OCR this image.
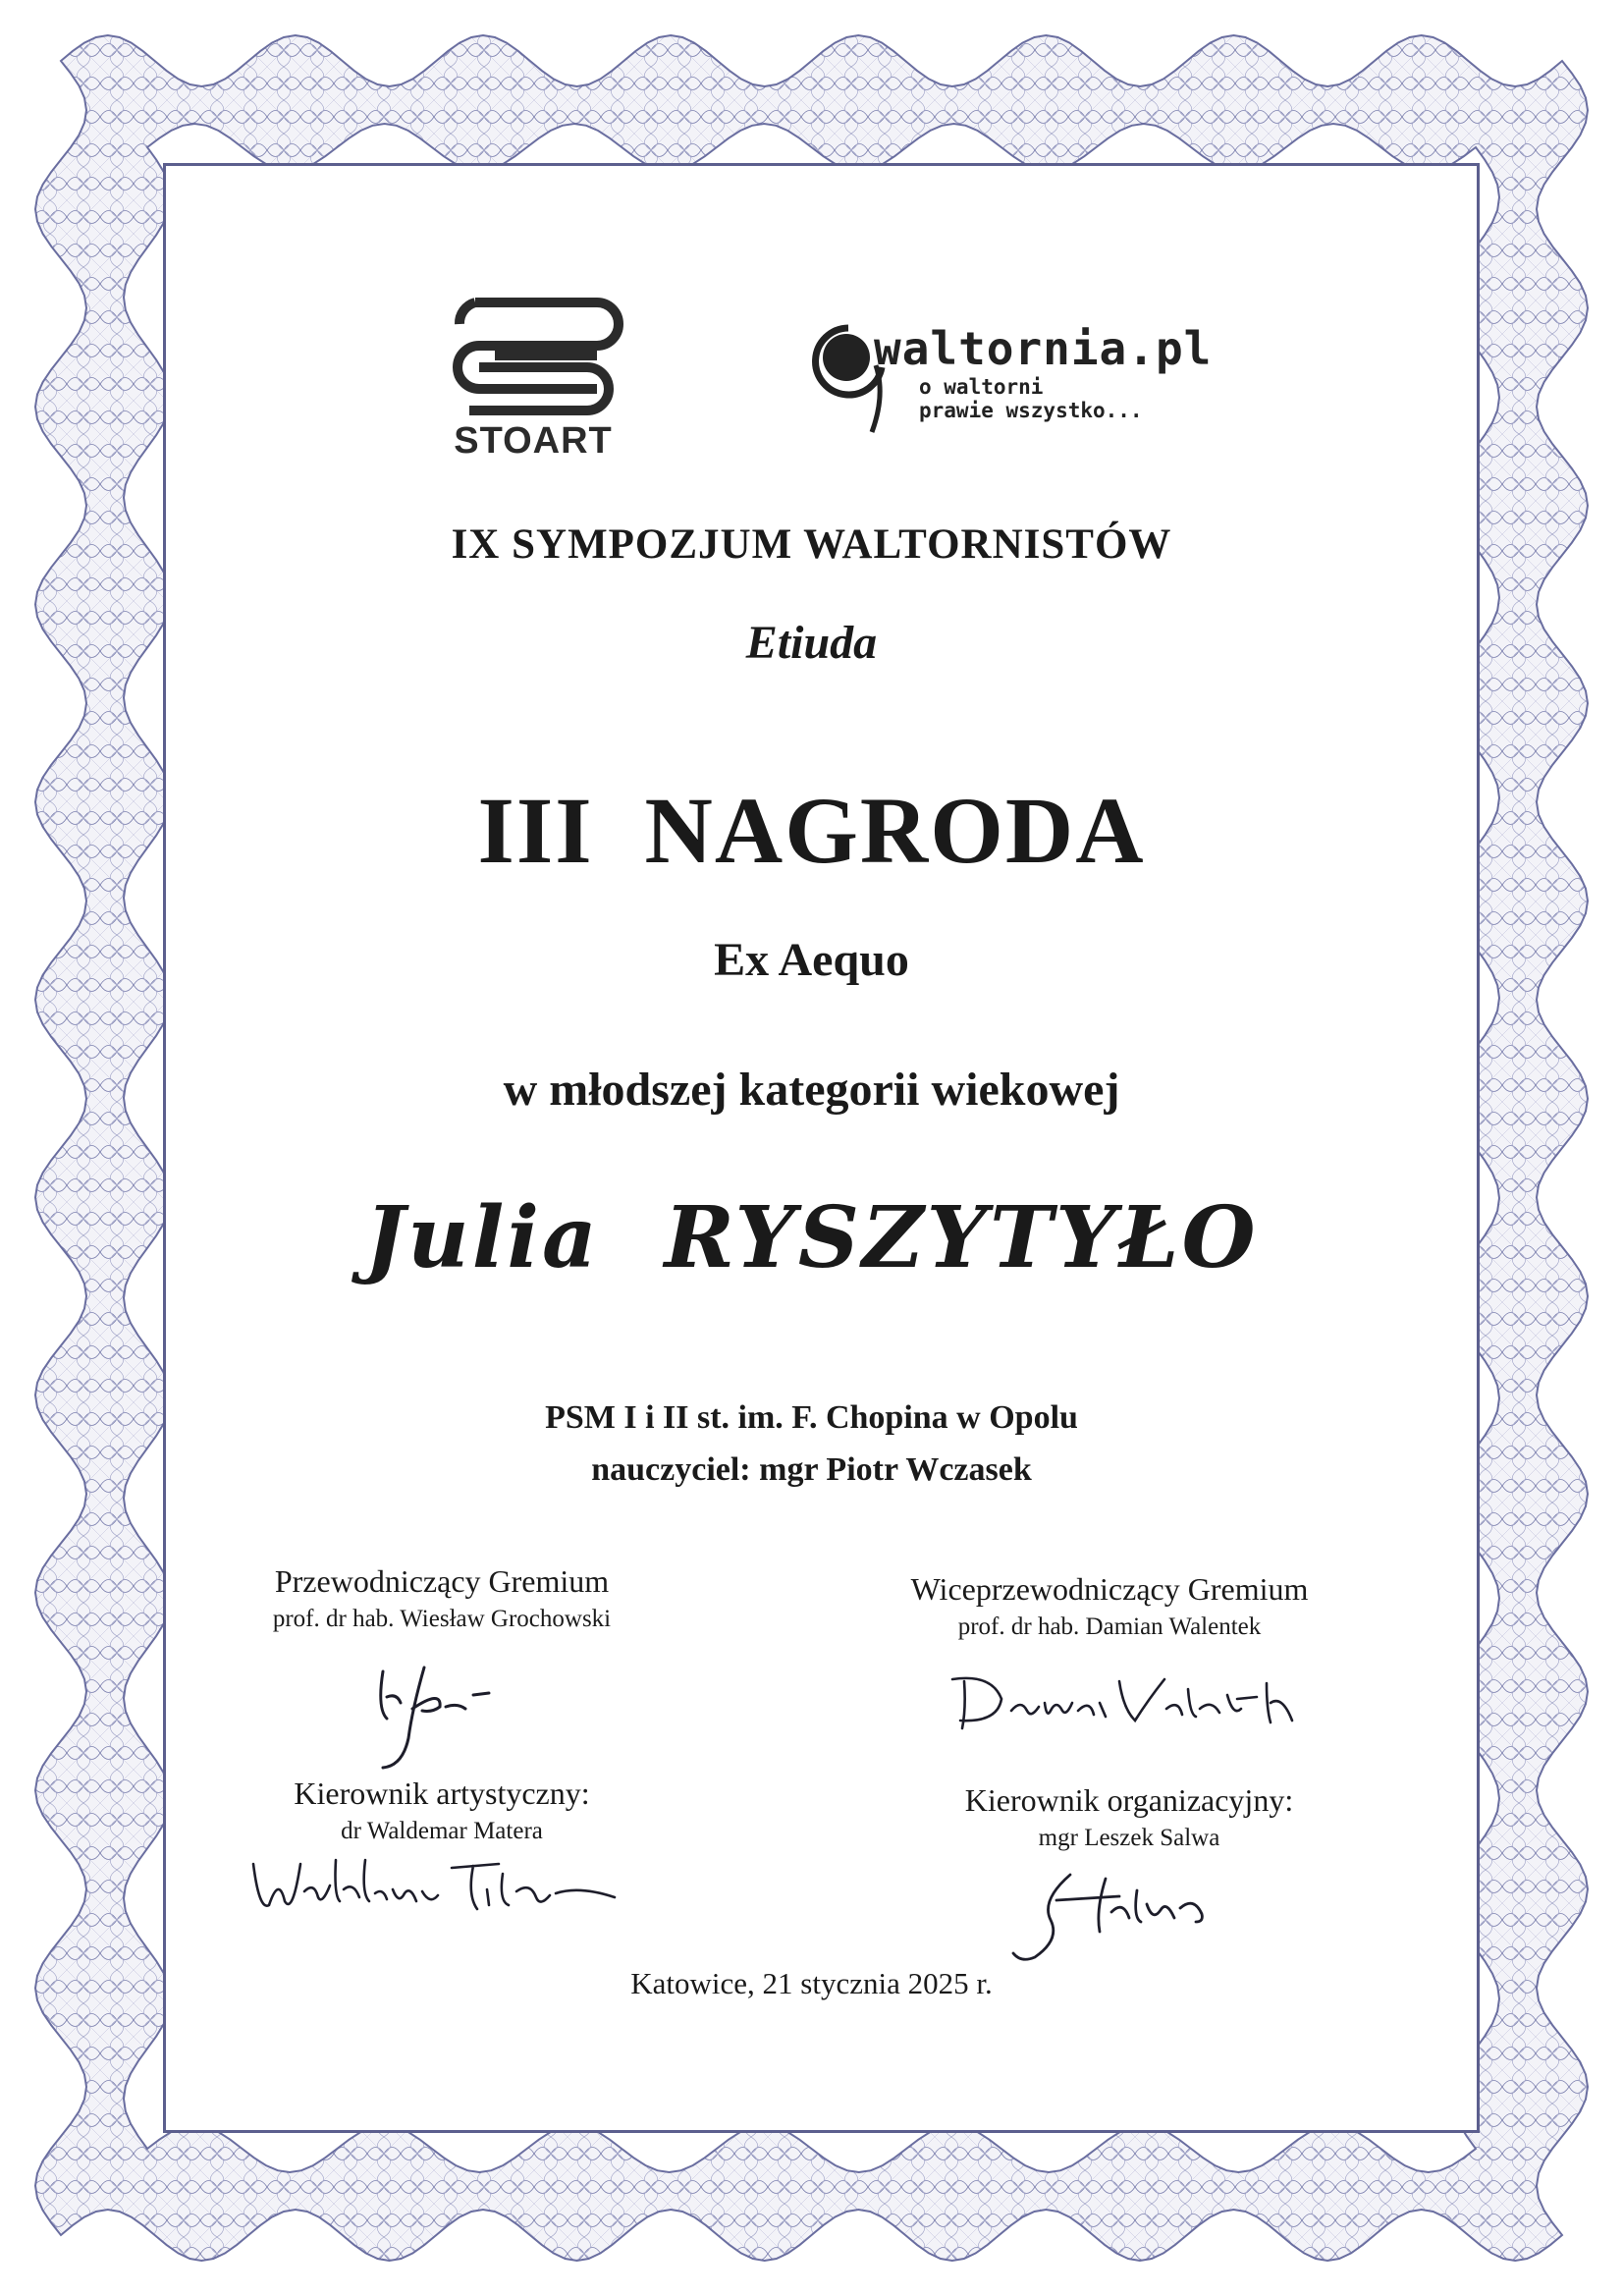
STOART
waltornia.pl
o waltorni
prawie wszystko...
IX SYMPOZJUM WALTORNISTÓW
Etiuda
III  NAGRODA
Ex Aequo
w młodszej kategorii wiekowej
Julia  RYSZYTYŁO
PSM I i II st. im. F. Chopina w Opolu
nauczyciel: mgr Piotr Wczasek
Przewodniczący Gremium
prof. dr hab. Wiesław Grochowski
Wiceprzewodniczący Gremium
prof. dr hab. Damian Walentek
Kierownik artystyczny:
dr Waldemar Matera
Kierownik organizacyjny:
mgr Leszek Salwa
Katowice, 21 stycznia 2025 r.
